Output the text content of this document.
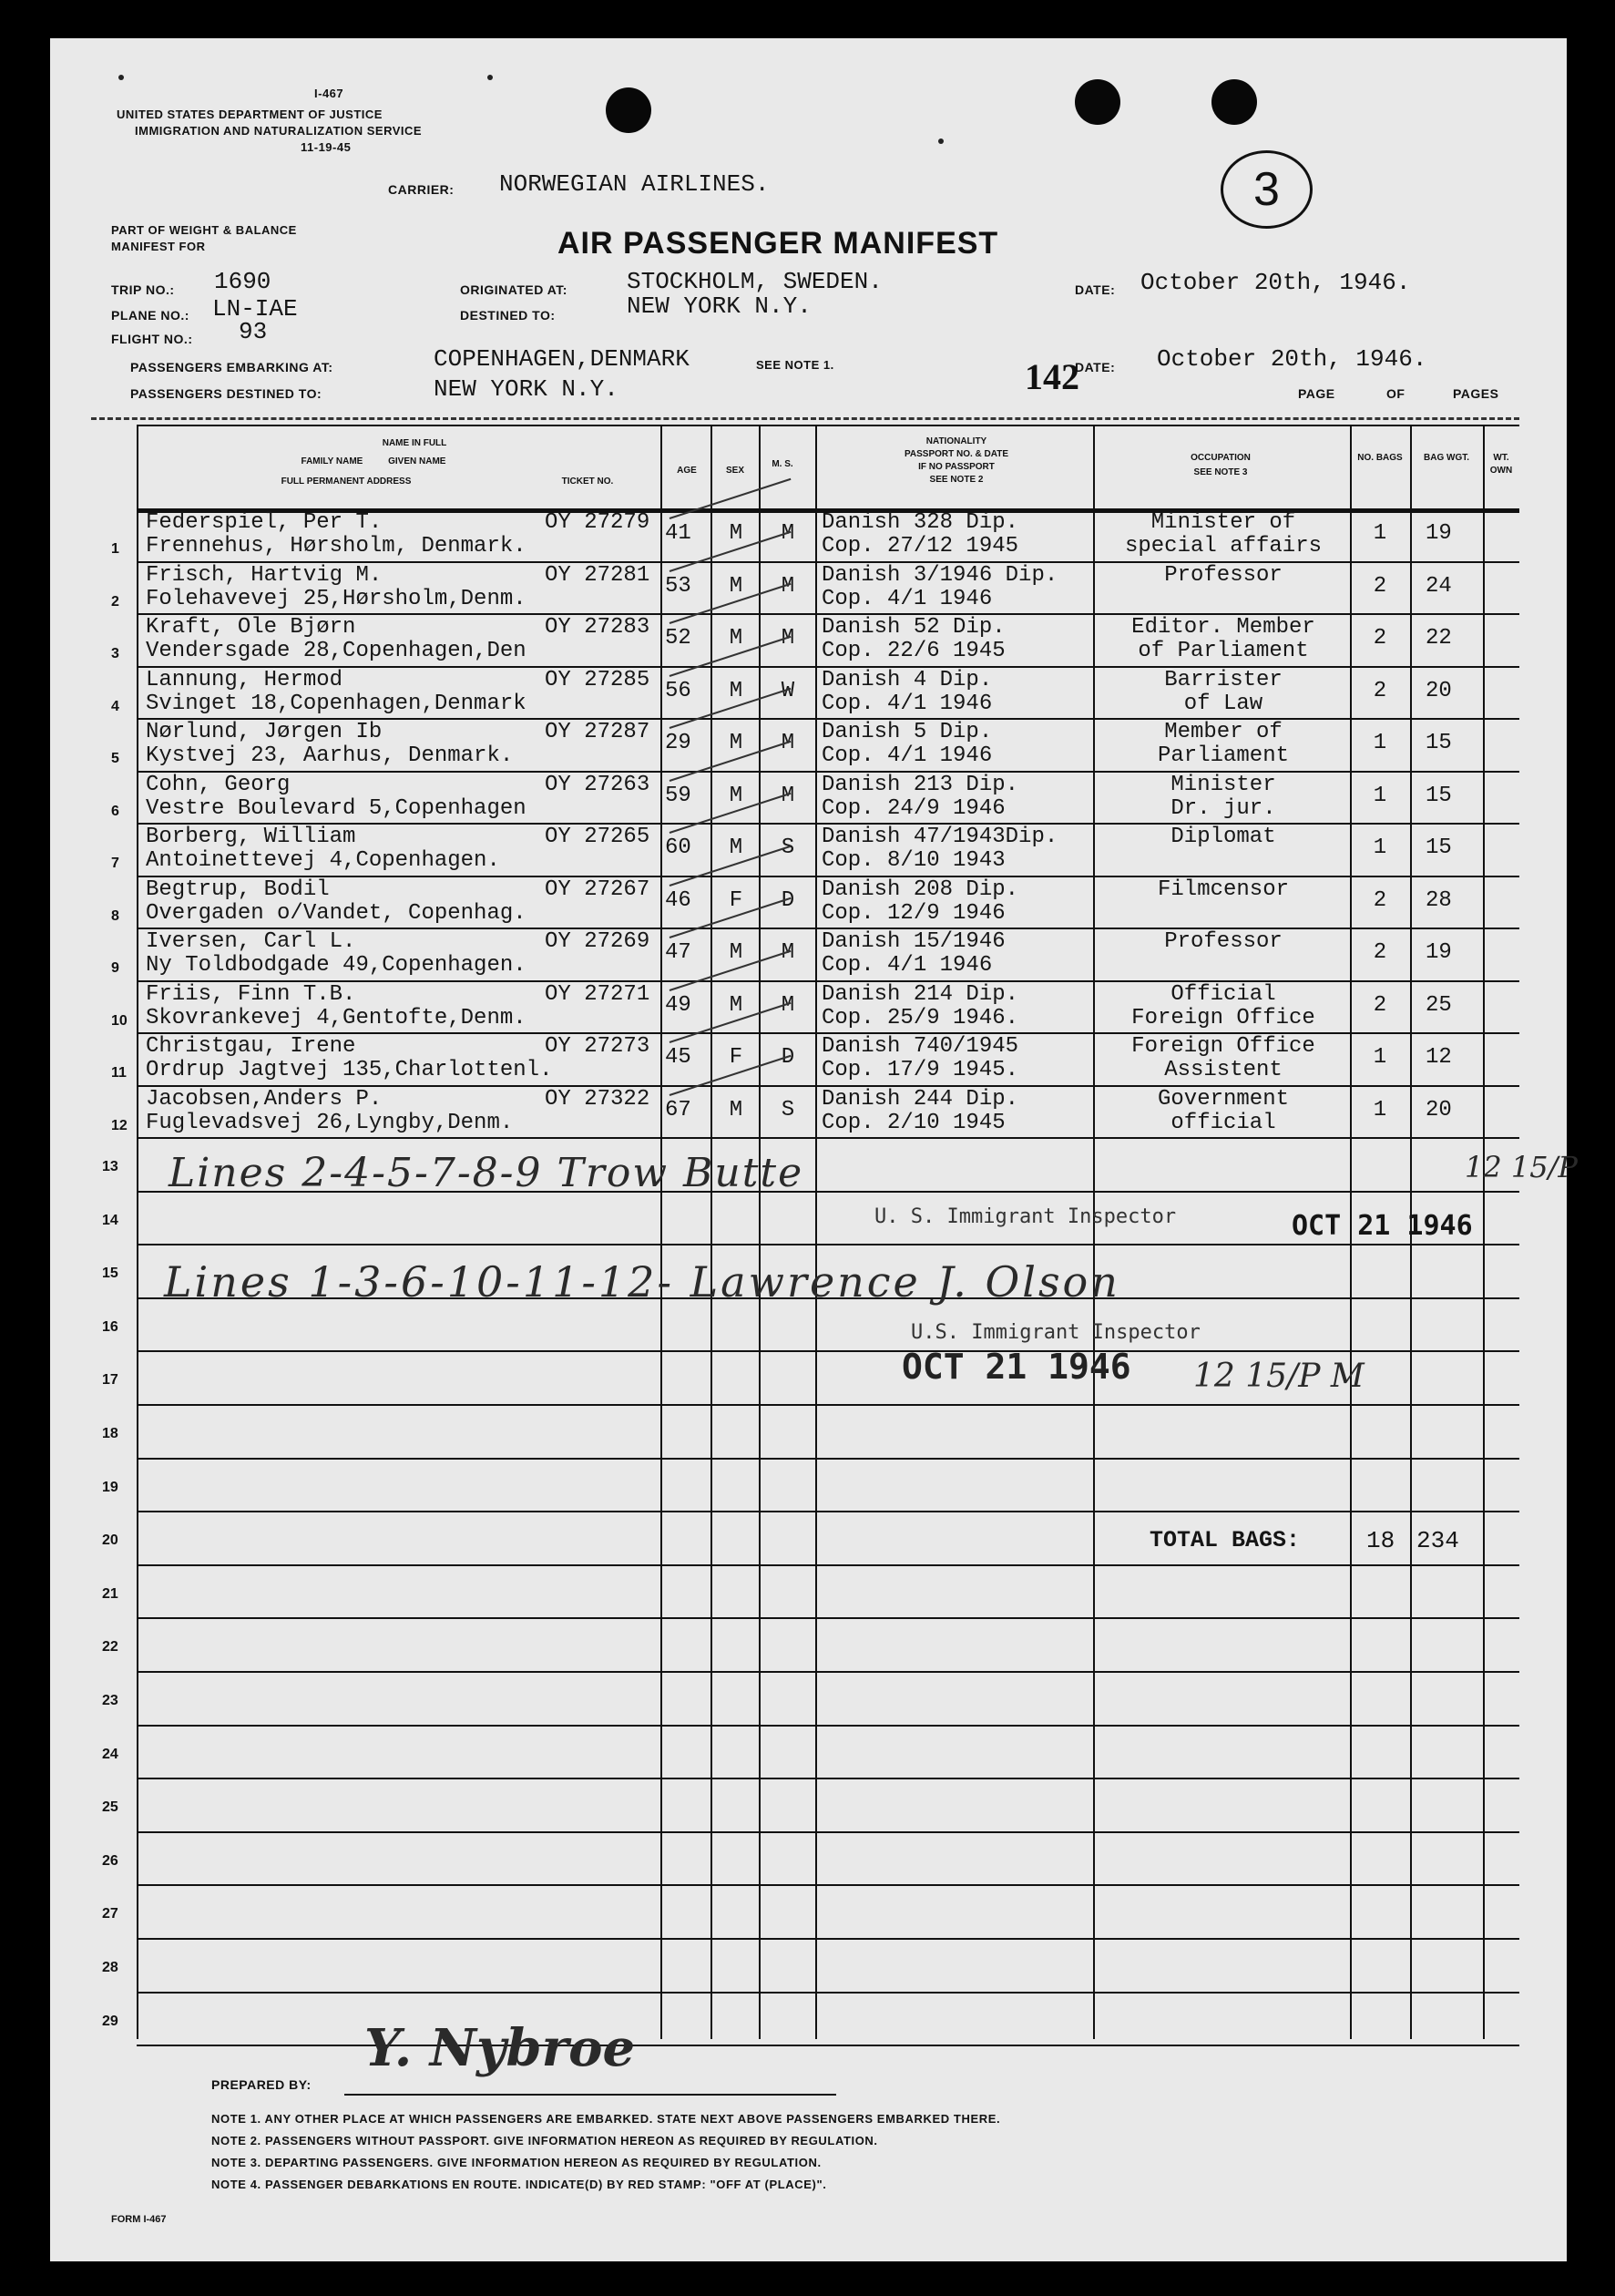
I-467
UNITED STATES DEPARTMENT OF JUSTICE
IMMIGRATION AND NATURALIZATION SERVICE
11-19-45
CARRIER: NORWEGIAN AIRLINES.
PART OF WEIGHT & BALANCE
MANIFEST FOR	AIR PASSENGER MANIFEST
3
TRIP NO.: 1690
PLANE NO.: LN-IAE
FLIGHT NO.: 93
ORIGINATED AT:	STOCKHOLM, SWEDEN.
DESTINED TO:	NEW YORK N.Y.
DATE: October 20th, 1946.
PASSENGERS EMBARKING AT:	COPENHAGEN,DENMARK	SEE NOTE 1.
PASSENGERS DESTINED TO:	NEW YORK N.Y.	142
DATE: October 20th, 1946.
PAGE	OF	PAGES
NAME IN FULL
FAMILY NAME          GIVEN NAME
FULL PERMANENT ADDRESS	TICKET NO.
AGE	SEX
M. S.
NATIONALITY
PASSPORT NO. & DATE
IF NO PASSPORT
SEE NOTE 2
OCCUPATION
SEE NOTE 3
NO. BAGS	BAG WGT.	WT. OWN
1
Federspiel, Per T.	OY 27279
Frennehus, Hørsholm, Denmark.
41	M	M	Danish 328 Dip.
Cop. 27/12 1945
Minister of
special affairs
1	19
2
Frisch, Hartvig M.	OY 27281
Folehavevej 25,Hørsholm,Denm.
53	M	M	Danish 3/1946 Dip.
Cop. 4/1 1946
Professor	2	24
3
Kraft, Ole Bjørn	OY 27283
Vendersgade 28,Copenhagen,Den
52	M	M	Danish 52 Dip.
Cop. 22/6 1945
Editor. Member
of Parliament
2	22
4
Lannung, Hermod	OY 27285
Svinget 18,Copenhagen,Denmark
56	M	W	Danish 4 Dip.
Cop. 4/1 1946
Barrister
of Law
2	20
5
Nørlund, Jørgen Ib	OY 27287
Kystvej 23, Aarhus, Denmark.
29	M	M	Danish 5 Dip.
Cop. 4/1 1946
Member of
Parliament
1	15
6
Cohn, Georg	OY 27263
Vestre Boulevard 5,Copenhagen
59	M	M	Danish 213 Dip.
Cop. 24/9 1946
Minister
Dr. jur.
1	15
7
Borberg, William	OY 27265
Antoinettevej 4,Copenhagen.
60	M	S	Danish 47/1943Dip.
Cop. 8/10 1943
Diplomat	1	15
8
Begtrup, Bodil	OY 27267
Overgaden o/Vandet, Copenhag.
46	F	D	Danish 208 Dip.
Cop. 12/9 1946
Filmcensor	2	28
9
Iversen, Carl L.	OY 27269
Ny Toldbodgade 49,Copenhagen.
47	M	M	Danish 15/1946
Cop. 4/1 1946
Professor	2	19
10
Friis, Finn T.B.	OY 27271
Skovrankevej 4,Gentofte,Denm.
49	M	M	Danish 214 Dip.
Cop. 25/9 1946.
Official
Foreign Office
2	25
11
Christgau, Irene	OY 27273
Ordrup Jagtvej 135,Charlottenl.
45	F	D	Danish 740/1945
Cop. 17/9 1945.
Foreign Office
Assistent
1	12
12
Jacobsen,Anders P.	OY 27322
Fuglevadsvej 26,Lyngby,Denm.
67	M	S	Danish 244 Dip.
Cop. 2/10 1945
Government
official
1	20
13
14
15
16
17
18
19
20
21
22
23
24
25
26
27
28
29
Lines 2-4-5-7-8-9 Trow Butte	12 15/P
U. S. Immigrant Inspector	OCT 21 1946
Lines 1-3-6-10-11-12- Lawrence J. Olson
U.S. Immigrant Inspector
OCT 21 1946 12 15/P M
TOTAL BAGS:	18 234
PREPARED BY:
Y. Nybroe
NOTE 1. ANY OTHER PLACE AT WHICH PASSENGERS ARE EMBARKED. STATE NEXT ABOVE PASSENGERS EMBARKED THERE.
NOTE 2. PASSENGERS WITHOUT PASSPORT. GIVE INFORMATION HEREON AS REQUIRED BY REGULATION.
NOTE 3. DEPARTING PASSENGERS. GIVE INFORMATION HEREON AS REQUIRED BY REGULATION.
NOTE 4. PASSENGER DEBARKATIONS EN ROUTE. INDICATE(D) BY RED STAMP: "OFF AT (PLACE)".
FORM I-467
